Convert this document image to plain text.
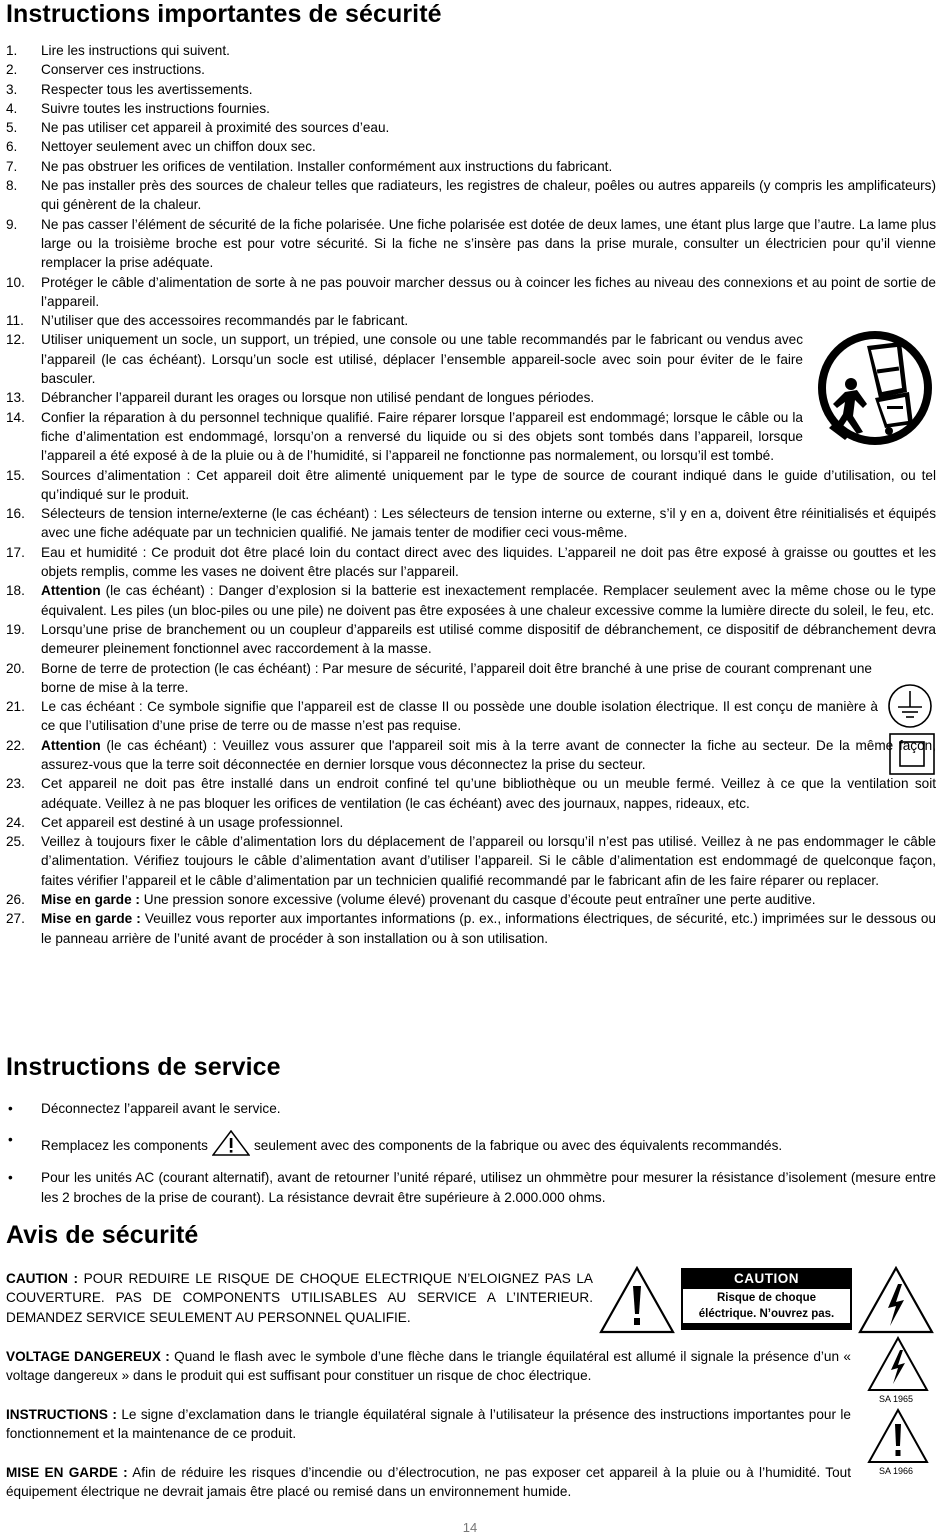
Instructions importantes de sécurité
1. Lire les instructions qui suivent.
2. Conserver ces instructions.
3. Respecter tous les avertissements.
4. Suivre toutes les instructions fournies.
5. Ne pas utiliser cet appareil à proximité des sources d’eau.
6. Nettoyer seulement avec un chiffon doux sec.
7. Ne pas obstruer les orifices de ventilation. Installer conformément aux instructions du fabricant.
8. Ne pas installer près des sources de chaleur telles que radiateurs, les registres de chaleur, poêles ou autres appareils (y compris les amplificateurs) qui génèrent de la chaleur.
9. Ne pas casser l’élément de sécurité de la fiche polarisée. Une fiche polarisée est dotée de deux lames, une étant plus large que l’autre. La lame plus large ou la troisième broche est pour votre sécurité. Si la fiche ne s’insère pas dans la prise murale, consulter un électricien pour qu’il vienne remplacer la prise adéquate.
10. Protéger le câble d’alimentation de sorte à ne pas pouvoir marcher dessus ou à coincer les fiches au niveau des connexions et au point de sortie de l’appareil.
11. N’utiliser que des accessoires recommandés par le fabricant.
12. Utiliser uniquement un socle, un support, un trépied, une console ou une table recommandés par le fabricant ou vendus avec l’appareil (le cas échéant). Lorsqu’un socle est utilisé, déplacer l’ensemble appareil-socle avec soin pour éviter de le faire basculer.
13. Débrancher l’appareil durant les orages ou lorsque non utilisé pendant de longues périodes.
14. Confier la réparation à du personnel technique qualifié. Faire réparer lorsque l’appareil est endommagé; lorsque le câble ou la fiche d’alimentation est endommagé, lorsqu’on a renversé du liquide ou si des objets sont tombés dans l’appareil, lorsque l’appareil a été exposé à de la pluie ou à de l’humidité, si l’appareil ne fonctionne pas normalement, ou lorsqu’il est tombé.
15. Sources d’alimentation : Cet appareil doit être alimenté uniquement par le type de source de courant indiqué dans le guide d’utilisation, ou tel qu’indiqué sur le produit.
16. Sélecteurs de tension interne/externe (le cas échéant) : Les sélecteurs de tension interne ou externe, s’il y en a, doivent être réinitialisés et équipés avec une fiche adéquate par un technicien qualifié. Ne jamais tenter de modifier ceci vous-même.
17. Eau et humidité : Ce produit dot être placé loin du contact direct avec des liquides. L’appareil ne doit pas être exposé à graisse ou gouttes et les objets remplis, comme les vases ne doivent être placés sur l’appareil.
18. Attention (le cas échéant) : Danger d’explosion si la batterie est inexactement remplacée. Remplacer seulement avec la même chose ou le type équivalent. Les piles (un bloc-piles ou une pile) ne doivent pas être exposées à une chaleur excessive comme la lumière directe du soleil, le feu, etc.
19. Lorsqu’une prise de branchement ou un coupleur d’appareils est utilisé comme dispositif de débranchement, ce dispositif de débranchement devra demeurer pleinement fonctionnel avec raccordement à la masse.
20. Borne de terre de protection (le cas échéant) : Par mesure de sécurité, l’appareil doit être branché à une prise de courant comprenant une borne de mise à la terre.
21. Le cas échéant : Ce symbole signifie que l’appareil est de classe II ou possède une double isolation électrique. Il est conçu de manière à ce que l’utilisation d’une prise de terre ou de masse n’est pas requise.
22. Attention (le cas échéant) : Veuillez vous assurer que l'appareil soit mis à la terre avant de connecter la fiche au secteur. De la même façon, assurez-vous que la terre soit déconnectée en dernier lorsque vous déconnectez la prise du secteur.
23. Cet appareil ne doit pas être installé dans un endroit confiné tel qu’une bibliothèque ou un meuble fermé. Veillez à ce que la ventilation soit adéquate. Veillez à ne pas bloquer les orifices de ventilation (le cas échéant) avec des journaux, nappes, rideaux, etc.
24. Cet appareil est destiné à un usage professionnel.
25. Veillez à toujours fixer le câble d’alimentation lors du déplacement de l’appareil ou lorsqu’il n’est pas utilisé. Veillez à ne pas endommager le câble d’alimentation. Vérifiez toujours le câble d’alimentation avant d’utiliser l’appareil. Si le câble d’alimentation est endommagé de quelconque façon, faites vérifier l’appareil et le câble d’alimentation par un technicien qualifié recommandé par le fabricant afin de les faire réparer ou replacer.
26. Mise en garde : Une pression sonore excessive (volume élevé) provenant du casque d’écoute peut entraîner une perte auditive.
27. Mise en garde : Veuillez vous reporter aux importantes informations (p. ex., informations électriques, de sécurité, etc.) imprimées sur le dessous ou le panneau arrière de l’unité avant de procéder à son installation ou à son utilisation.
Instructions de service
• Déconnectez l’appareil avant le service.
• Remplacez les components	seulement avec des components de la fabrique ou avec des équivalents recommandés.
• Pour les unités AC (courant alternatif), avant de retourner l’unité réparé, utilisez un ohmmètre pour mesurer la résistance d’isolement (mesure entre les 2 broches de la prise de courant). La résistance devrait être supérieure à 2.000.000 ohms.
Avis de sécurité

CAUTION : POUR REDUIRE LE RISQUE DE CHOQUE ELECTRIQUE N’ELOIGNEZ PAS LA COUVERTURE. PAS DE COMPONENTS UTILISABLES AU SERVICE A L’INTERIEUR. DEMANDEZ SERVICE SEULEMENT AU PERSONNEL QUALIFIE.

VOLTAGE DANGEREUX : Quand le flash avec le symbole d’une flèche dans le triangle équilatéral est allumé il signale la présence d’un « voltage dangereux » dans le produit qui est suffisant pour constituer un risque de choc électrique.

INSTRUCTIONS : Le signe d’exclamation dans le triangle équilatéral signale à l’utilisateur la présence des instructions importantes pour le fonctionnement et la maintenance de ce produit.

MISE EN GARDE : Afin de réduire les risques d’incendie ou d’électrocution, ne pas exposer cet appareil à la pluie ou à l’humidité. Tout équipement électrique ne devrait jamais être placé ou remisé dans un environnement humide.

CAUTION
Risque de choque
éléctrique. N’ouvrez pas.
SA 1965
SA 1966
14
